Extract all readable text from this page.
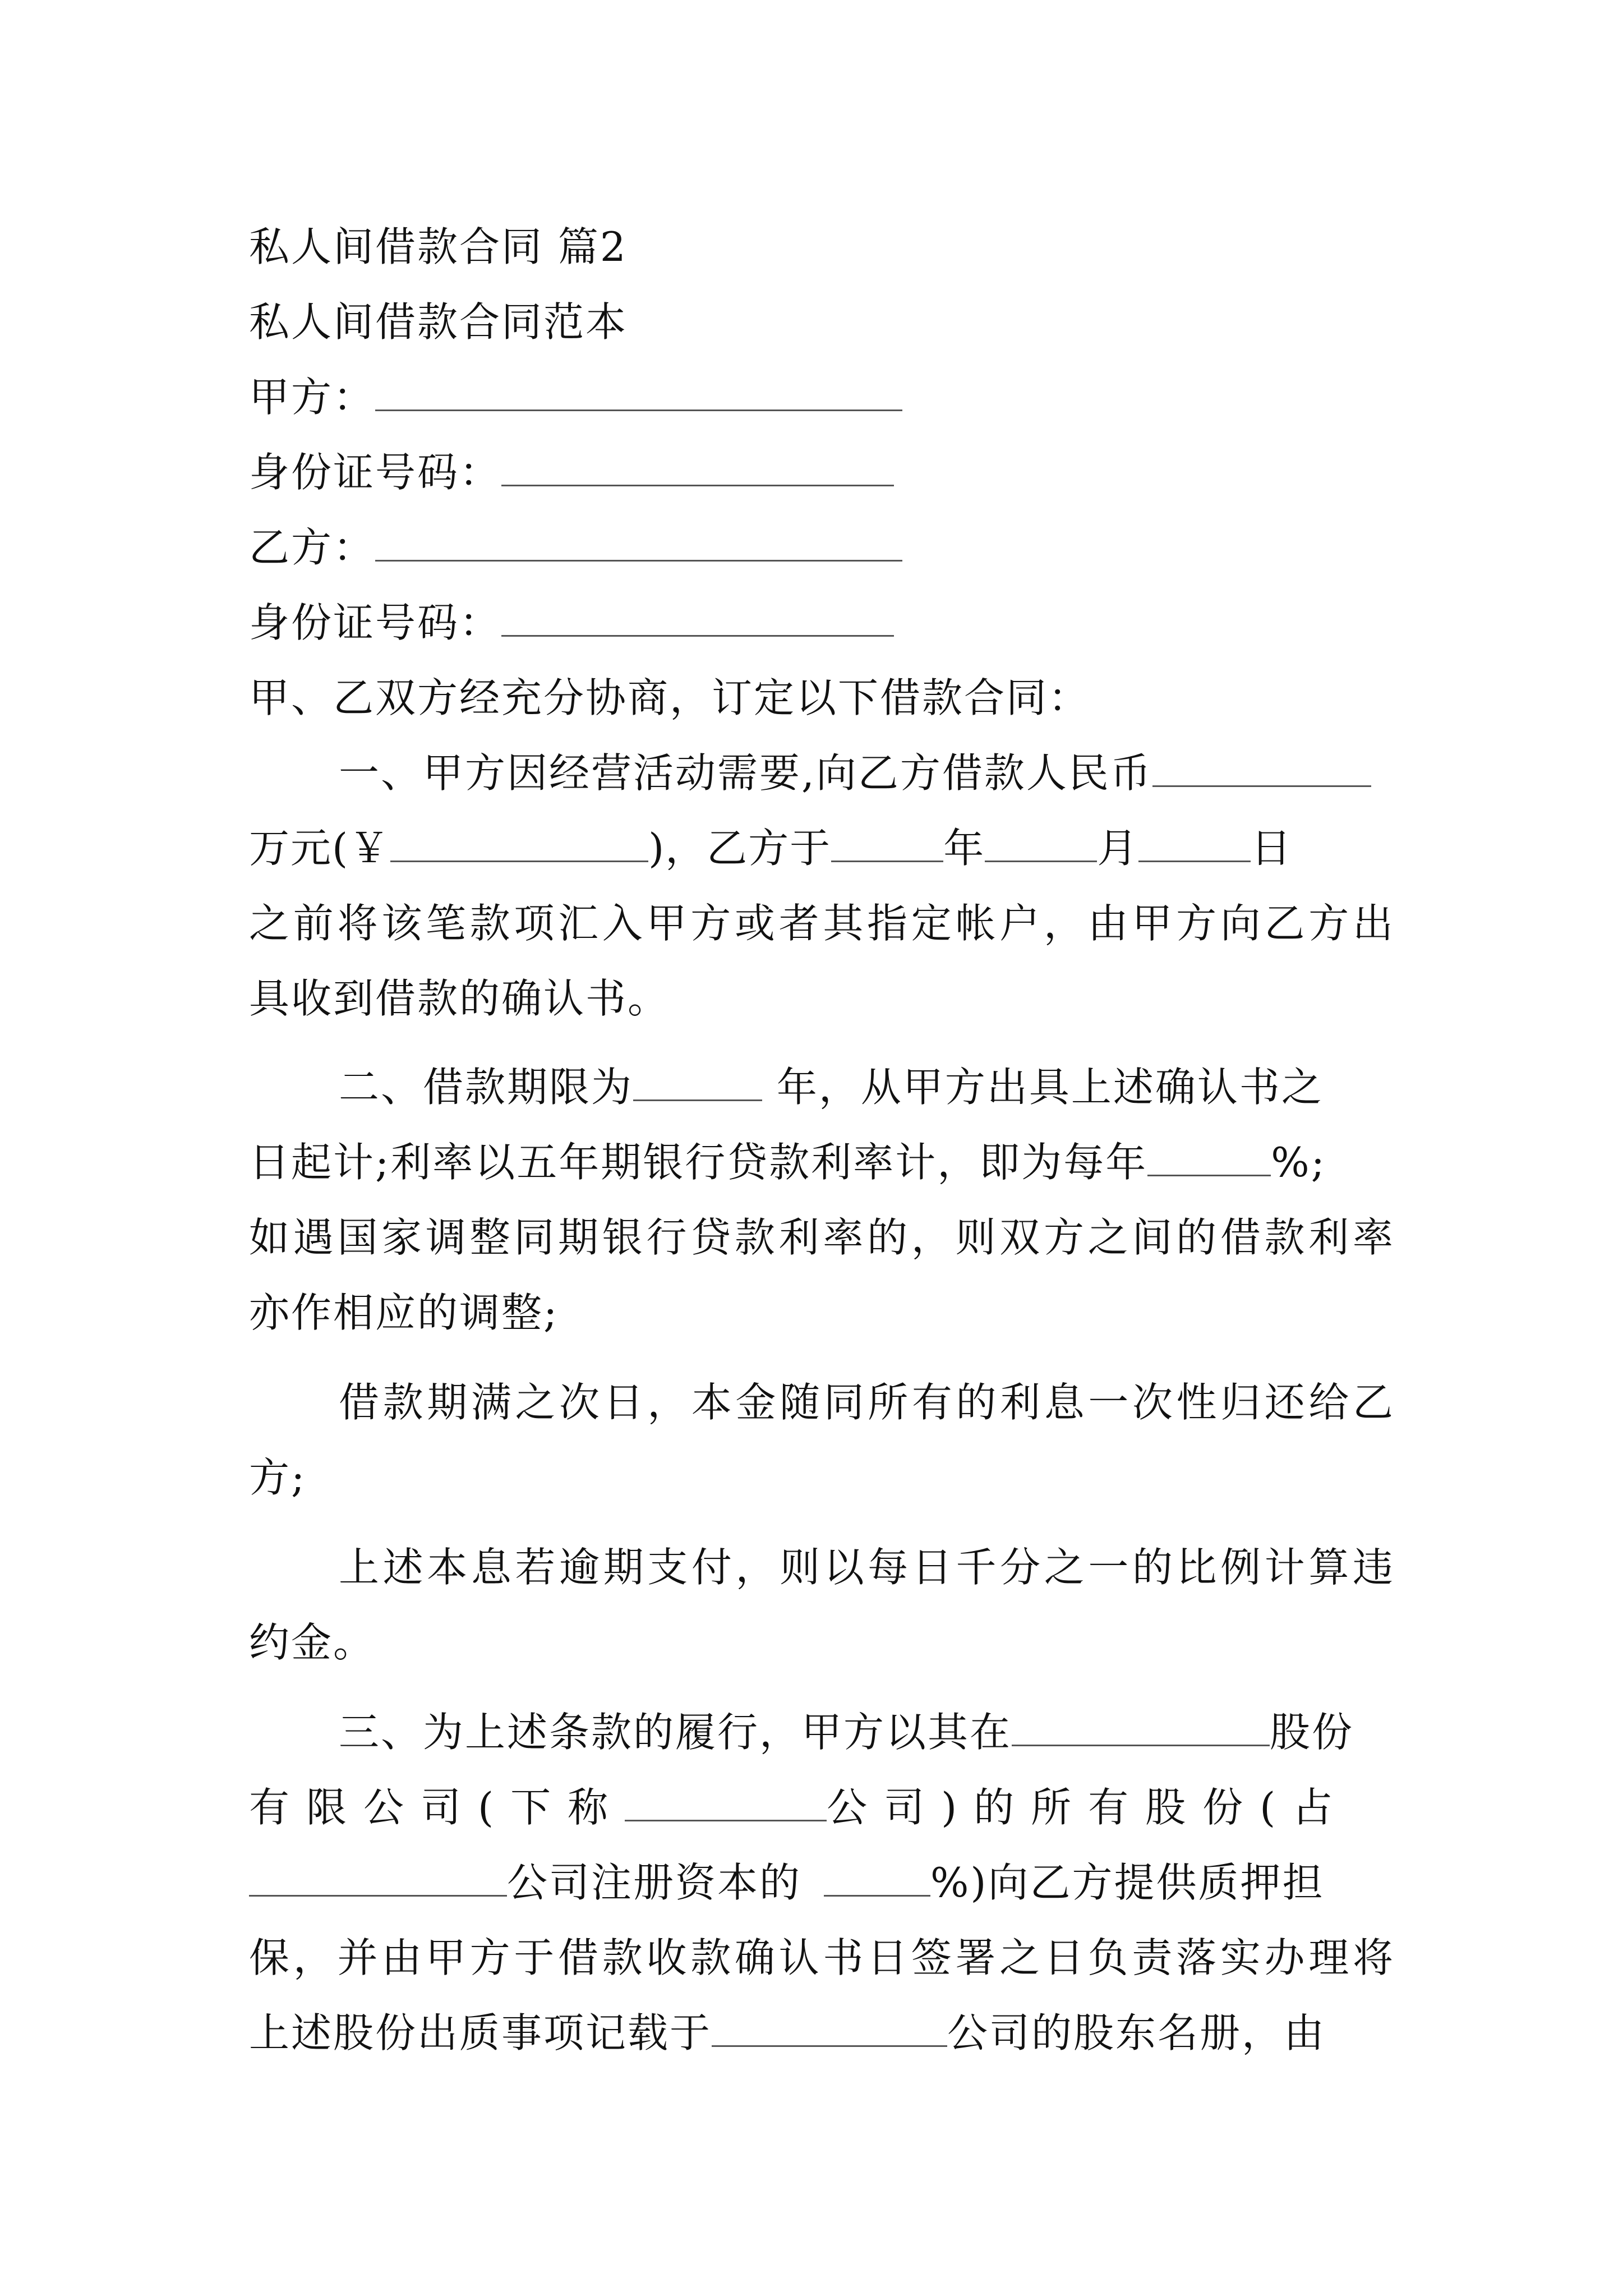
私人间借款合同 篇2
私人间借款合同范本
甲方：
身份证号码：
乙方：
身份证号码：
甲、乙双方经充分协商，订定以下借款合同：
一、甲方因经营活动需要,向乙方借款人民币
万元(￥	)，乙方于	年	月	日
之前将该笔款项汇入甲方或者其指定帐户，由甲方向乙方出
具收到借款的确认书。
二、借款期限为	年，从甲方出具上述确认书之
日起计;利率以五年期银行贷款利率计，即为每年	%;
如遇国家调整同期银行贷款利率的，则双方之间的借款利率
亦作相应的调整;
借款期满之次日，本金随同所有的利息一次性归还给乙
方;
上述本息若逾期支付，则以每日千分之一的比例计算违
约金。
三、为上述条款的履行，甲方以其在	股份
有限公司(下称	公司)的所有股份(占
公司注册资本的	%)向乙方提供质押担
保，并由甲方于借款收款确认书日签署之日负责落实办理将
上述股份出质事项记载于	公司的股东名册，由
